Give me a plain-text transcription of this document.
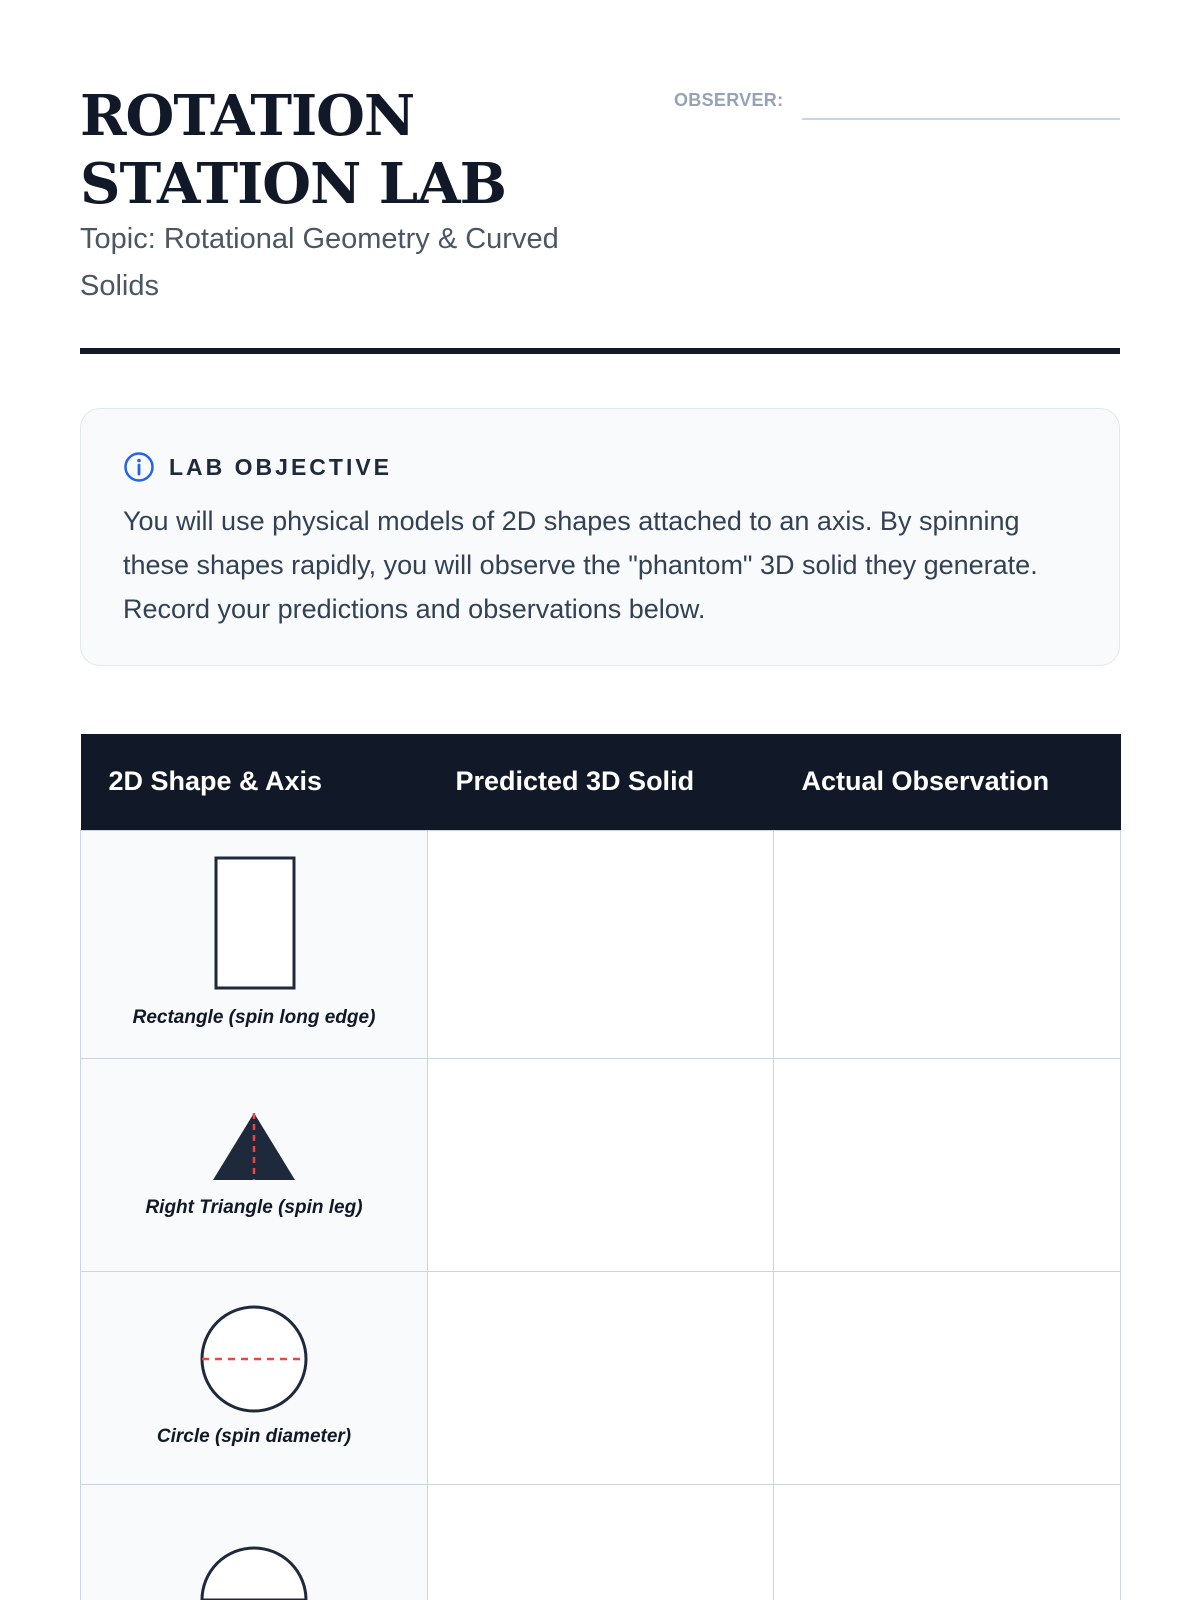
ROTATION STATION LAB

Topic: Rotational Geometry & Curved Solids

OBSERVER:
LAB OBJECTIVE

You will use physical models of 2D shapes attached to an axis. By spinning these shapes rapidly, you will observe the "phantom" 3D solid they generate. Record your predictions and observations below.

2D Shape & Axis	Predicted 3D Solid	Actual Observation

Rectangle (spin long edge)		

Right Triangle (spin leg)		

Circle (spin diameter)		
